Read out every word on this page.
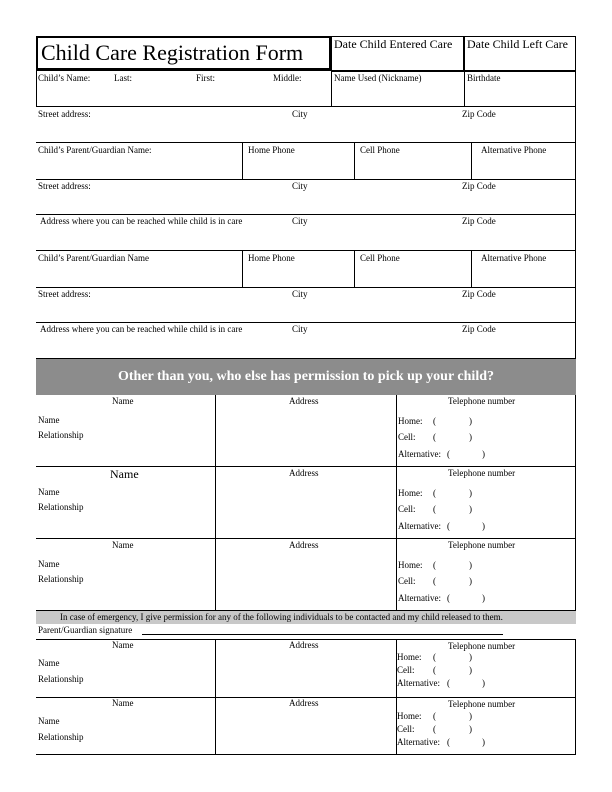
Child Care Registration Form	Date Child Entered Care Date Child Left Care
Child’s Name:	Last:	First:	Middle:	Name Used (Nickname)	Birthdate
Street address:	City	Zip Code
Child’s Parent/Guardian Name:	Home Phone	Cell Phone	Alternative Phone
Street address:	City	Zip Code
Address where you can be reached while child is in care	City	Zip Code
Child’s Parent/Guardian Name	Home Phone	Cell Phone	Alternative Phone
Street address:	City	Zip Code
Address where you can be reached while child is in care	City	Zip Code
Other than you, who else has permission to pick up your child?
Name	Address	Telephone number
Name
Relationship
Home: (	)
Cell: (	)
Alternative: (	)
Name	Address	Telephone number
Name
Relationship
Home: (	)
Cell: (	)
Alternative: (	)
Name	Address	Telephone number
Name
Relationship
Home: (	)
Cell: (	)
Alternative: (	)
In case of emergency, I give permission for any of the following individuals to be contacted and my child released to them.
Parent/Guardian signature
Name	Address	Telephone number
Name
Relationship
Home: (	)
Cell: (	)
Alternative: (	)
Name	Address	Telephone number
Name
Relationship
Home: (	)
Cell: (	)
Alternative: (	)
